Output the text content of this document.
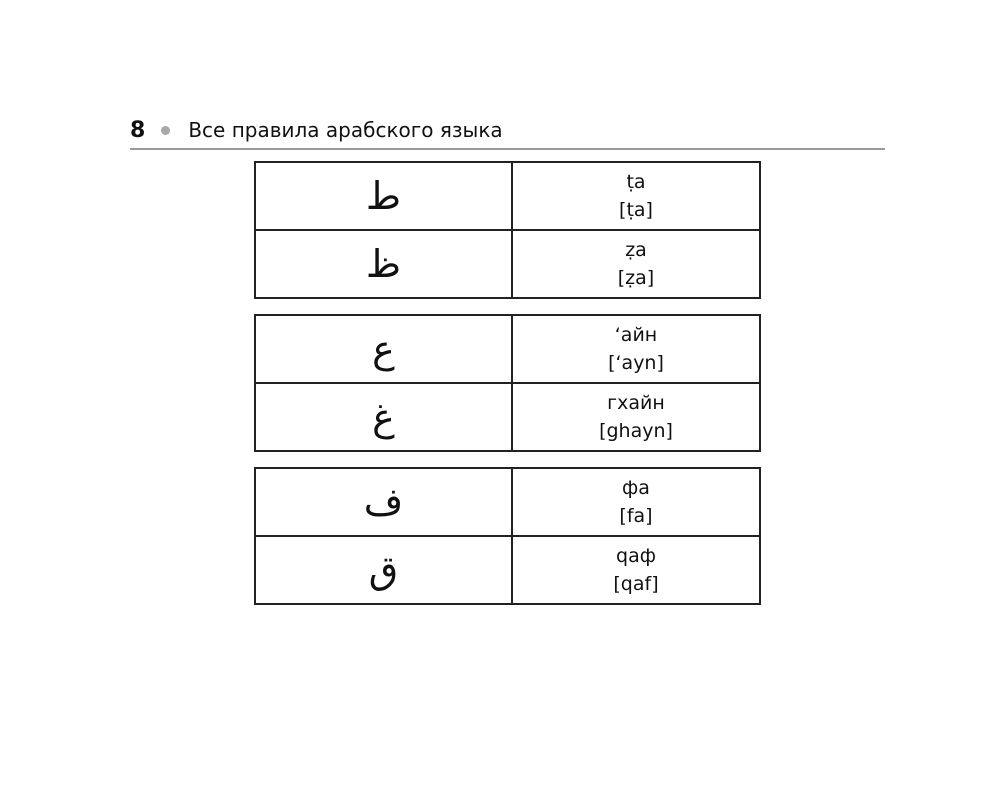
8 Все правила арабского языка
ط	ṭa
[ṭa]

ظ	ẓa
[ẓa]
ع	‘айн
[‘ayn]

غ	гхайн
[ghayn]
ف	фа
[fa]

ق	qaф
[qaf]
